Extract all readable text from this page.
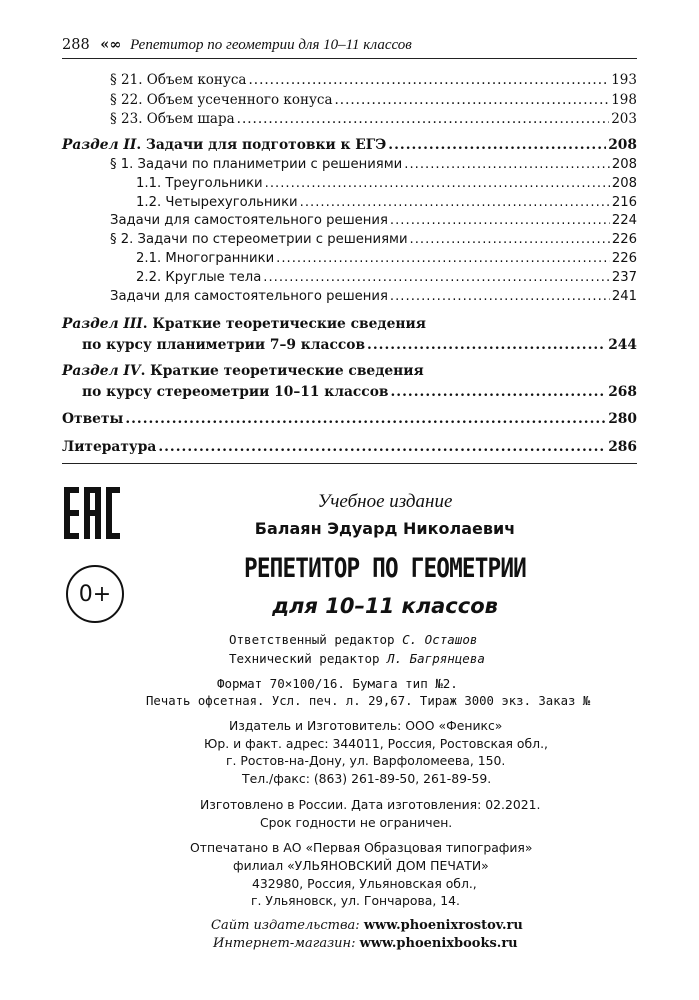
288 «∞ Репетитор по геометрии для 10–11 классов
§ 21. Объем конуса .....	193
§ 22. Объем усеченного конуса .....	198
§ 23. Объем шара .....	203
Раздел II. Задачи для подготовки к ЕГЭ .....	208
§ 1. Задачи по планиметрии с решениями .....	208
1.1. Треугольники .....	208
1.2. Четырехугольники .....	216
Задачи для самостоятельного решения .....	224
§ 2. Задачи по стереометрии с решениями .....	226
2.1. Многогранники .....	226
2.2. Круглые тела .....	237
Задачи для самостоятельного решения .....	241
Раздел III. Краткие теоретические сведения
по курсу планиметрии 7–9 классов .....	244
Раздел IV. Краткие теоретические сведения
по курсу стереометрии 10–11 классов .....	268
Ответы .....	280
Литература .....	286
0+
Учебное издание
Балаян Эдуард Николаевич
РЕПЕТИТОР ПО ГЕОМЕТРИИ
для 10–11 классов
Ответственный редактор С. Осташов
Технический редактор Л. Багрянцева
Формат 70×100/16. Бумага тип №2.
Печать офсетная. Усл. печ. л. 29,67. Тираж 3000 экз. Заказ №
Издатель и Изготовитель: ООО «Феникс»
Юр. и факт. адрес: 344011, Россия, Ростовская обл.,
г. Ростов-на-Дону, ул. Варфоломеева, 150.
Тел./факс: (863) 261-89-50, 261-89-59.
Изготовлено в России. Дата изготовления: 02.2021.
Срок годности не ограничен.
Отпечатано в АО «Первая Образцовая типография»
филиал «УЛЬЯНОВСКИЙ ДОМ ПЕЧАТИ»
432980, Россия, Ульяновская обл.,
г. Ульяновск, ул. Гончарова, 14.
Сайт издательства: www.phoenixrostov.ru
Интернет-магазин: www.phoenixbooks.ru
